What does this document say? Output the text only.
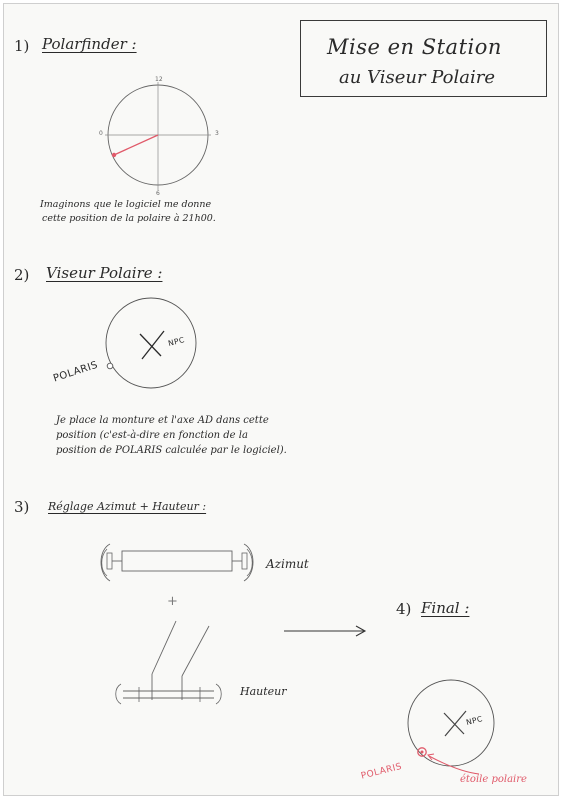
Mise en Station
au Viseur Polaire
1) Polarfinder :
12
0	3
6
Imaginons que le logiciel me donne
cette position de la polaire à 21h00.
2) Viseur Polaire :
NPC
POLARIS
Je place la monture et l'axe AD dans cette
position (c'est-à-dire en fonction de la
position de POLARIS calculée par le logiciel).
3) Réglage Azimut + Hauteur :
Azimut
+
Hauteur
4) Final :
NPC
POLARIS	étoile polaire
